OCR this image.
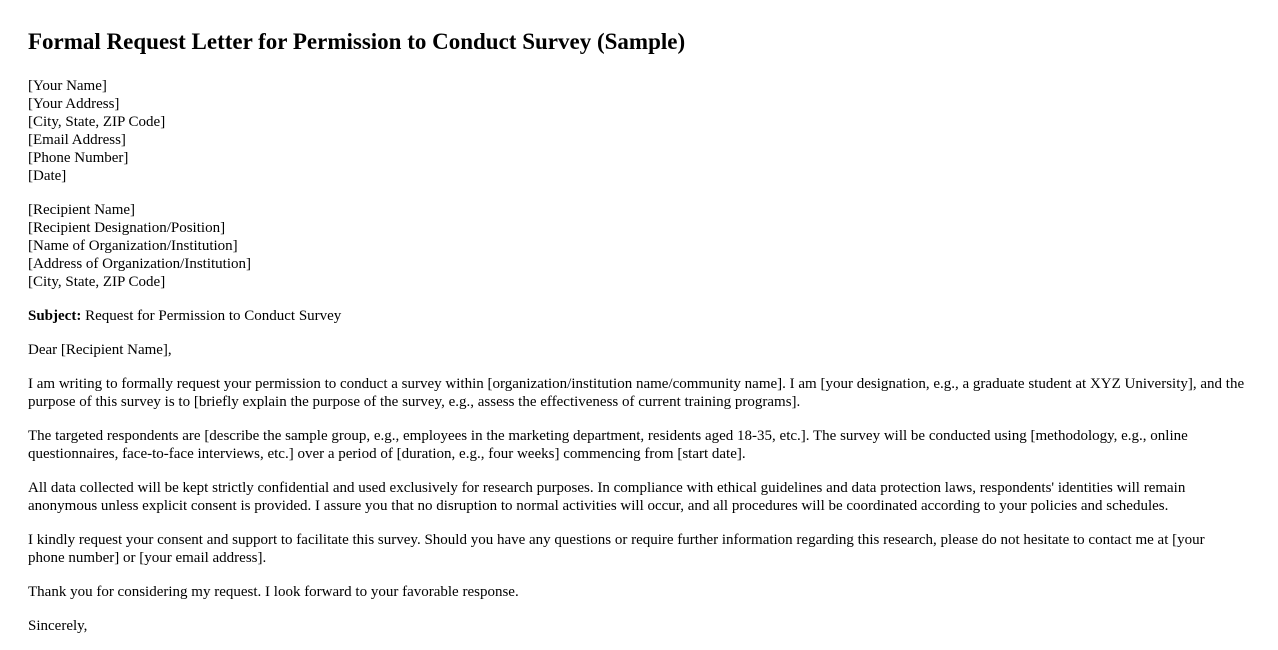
Formal Request Letter for Permission to Conduct Survey (Sample)
[Your Name]
[Your Address]
[City, State, ZIP Code]
[Email Address]
[Phone Number]
[Date]
[Recipient Name]
[Recipient Designation/Position]
[Name of Organization/Institution]
[Address of Organization/Institution]
[City, State, ZIP Code]

Subject: Request for Permission to Conduct Survey

Dear [Recipient Name],

I am writing to formally request your permission to conduct a survey within [organization/institution name/community name]. I am [your designation, e.g., a graduate student at XYZ University], and the purpose of this survey is to [briefly explain the purpose of the survey, e.g., assess the effectiveness of current training programs].

The targeted respondents are [describe the sample group, e.g., employees in the marketing department, residents aged 18-35, etc.]. The survey will be conducted using [methodology, e.g., online questionnaires, face-to-face interviews, etc.] over a period of [duration, e.g., four weeks] commencing from [start date].

All data collected will be kept strictly confidential and used exclusively for research purposes. In compliance with ethical guidelines and data protection laws, respondents' identities will remain anonymous unless explicit consent is provided. I assure you that no disruption to normal activities will occur, and all procedures will be coordinated according to your policies and schedules.

I kindly request your consent and support to facilitate this survey. Should you have any questions or require further information regarding this research, please do not hesitate to contact me at [your phone number] or [your email address].

Thank you for considering my request. I look forward to your favorable response.

Sincerely,
